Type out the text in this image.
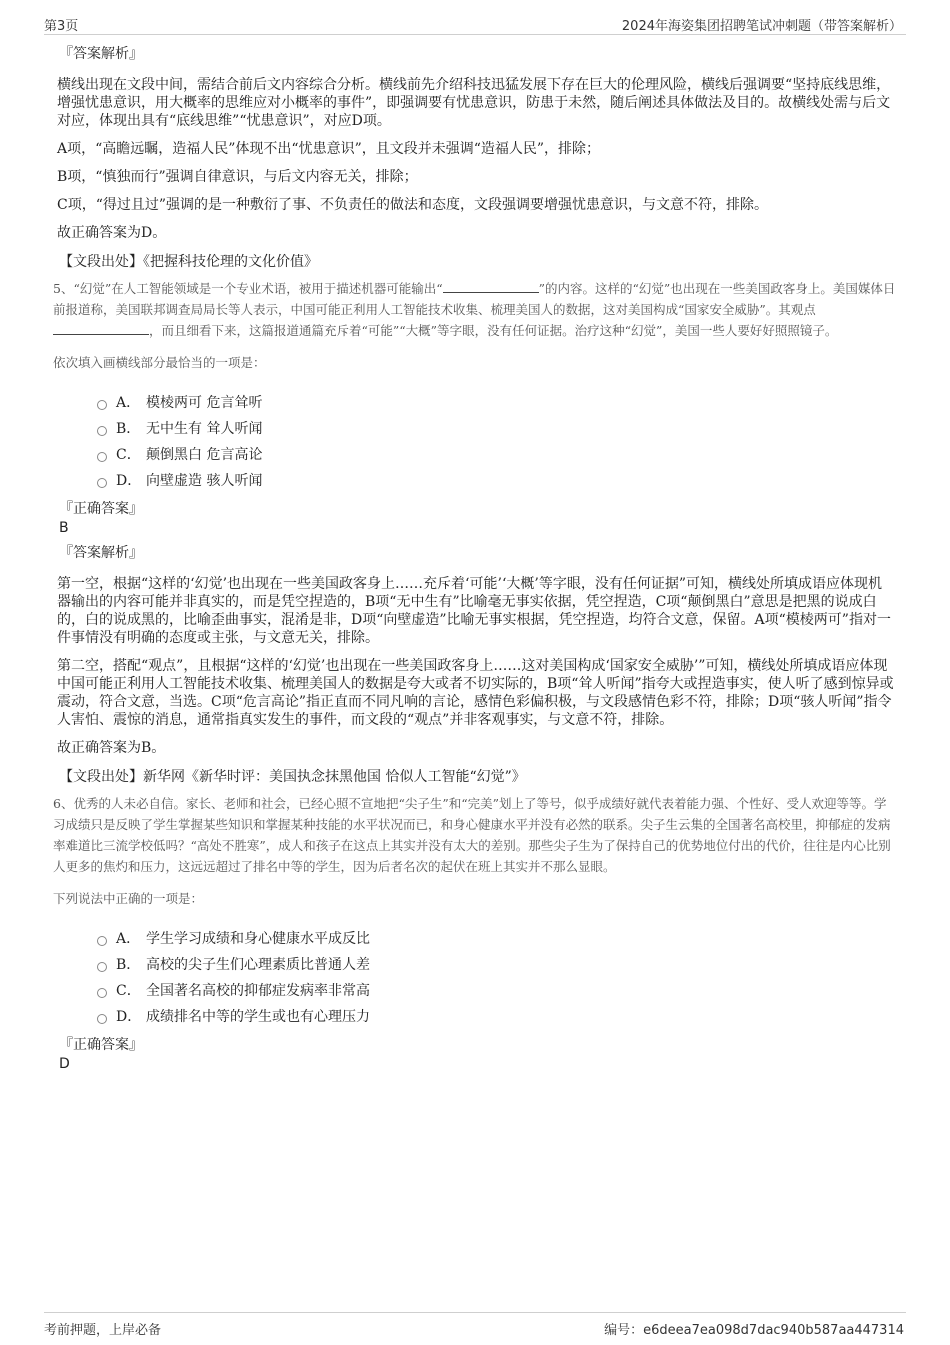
第3页	2024年海姿集团招聘笔试冲刺题（带答案解析）
『答案解析』
横线出现在文段中间，需结合前后文内容综合分析。横线前先介绍科技迅猛发展下存在巨大的伦理风险，横线后强调要“坚持底线思维，增强忧患意识，用大概率的思维应对小概率的事件”，即强调要有忧患意识，防患于未然，随后阐述具体做法及目的。故横线处需与后文对应，体现出具有“底线思维”“忧患意识”，对应D项。
A项，“高瞻远瞩，造福人民”体现不出“忧患意识”，且文段并未强调“造福人民”，排除；
B项，“慎独而行”强调自律意识，与后文内容无关，排除；
C项，“得过且过”强调的是一种敷衍了事、不负责任的做法和态度，文段强调要增强忧患意识，与文意不符，排除。
故正确答案为D。
【文段出处】《把握科技伦理的文化价值》
5、“幻觉”在人工智能领域是一个专业术语，被用于描述机器可能输出“	”的内容。这样的“幻觉”也出现在一些美国政客身上。美国媒体日前报道称，美国联邦调查局局长等人表示，中国可能正利用人工智能技术收集、梳理美国人的数据，这对美国构成“国家安全威胁”。其观点，而且细看下来，这篇报道通篇充斥着“可能”“大概”等字眼，没有任何证据。治疗这种“幻觉”，美国一些人要好好照照镜子。
依次填入画横线部分最恰当的一项是：
A． 模棱两可 危言耸听
B． 无中生有 耸人听闻
C． 颠倒黑白 危言高论
D． 向壁虚造 骇人听闻
『正确答案』
B
『答案解析』
第一空，根据“这样的‘幻觉’也出现在一些美国政客身上……充斥着‘可能’‘大概’等字眼，没有任何证据”可知，横线处所填成语应体现机器输出的内容可能并非真实的，而是凭空捏造的，B项“无中生有”比喻毫无事实依据，凭空捏造，C项“颠倒黑白”意思是把黑的说成白的，白的说成黑的，比喻歪曲事实，混淆是非，D项“向壁虚造”比喻无事实根据，凭空捏造，均符合文意，保留。A项“模棱两可”指对一件事情没有明确的态度或主张，与文意无关，排除。
第二空，搭配“观点”，且根据“这样的‘幻觉’也出现在一些美国政客身上……这对美国构成‘国家安全威胁’”可知，横线处所填成语应体现中国可能正利用人工智能技术收集、梳理美国人的数据是夸大或者不切实际的，B项“耸人听闻”指夸大或捏造事实，使人听了感到惊异或震动，符合文意，当选。C项“危言高论”指正直而不同凡响的言论，感情色彩偏积极，与文段感情色彩不符，排除；D项“骇人听闻”指令人害怕、震惊的消息，通常指真实发生的事件，而文段的“观点”并非客观事实，与文意不符，排除。
故正确答案为B。
【文段出处】新华网《新华时评：美国执念抹黑他国 恰似人工智能“幻觉”》
6、优秀的人未必自信。家长、老师和社会，已经心照不宣地把“尖子生”和“完美”划上了等号，似乎成绩好就代表着能力强、个性好、受人欢迎等等。学习成绩只是反映了学生掌握某些知识和掌握某种技能的水平状况而已，和身心健康水平并没有必然的联系。尖子生云集的全国著名高校里，抑郁症的发病率难道比三流学校低吗？“高处不胜寒”，成人和孩子在这点上其实并没有太大的差别。那些尖子生为了保持自己的优势地位付出的代价，往往是内心比别人更多的焦灼和压力，这远远超过了排名中等的学生，因为后者名次的起伏在班上其实并不那么显眼。
下列说法中正确的一项是：
A． 学生学习成绩和身心健康水平成反比
B． 高校的尖子生们心理素质比普通人差
C． 全国著名高校的抑郁症发病率非常高
D． 成绩排名中等的学生或也有心理压力
『正确答案』
D
考前押题，上岸必备	编号：e6deea7ea098d7dac940b587aa447314
